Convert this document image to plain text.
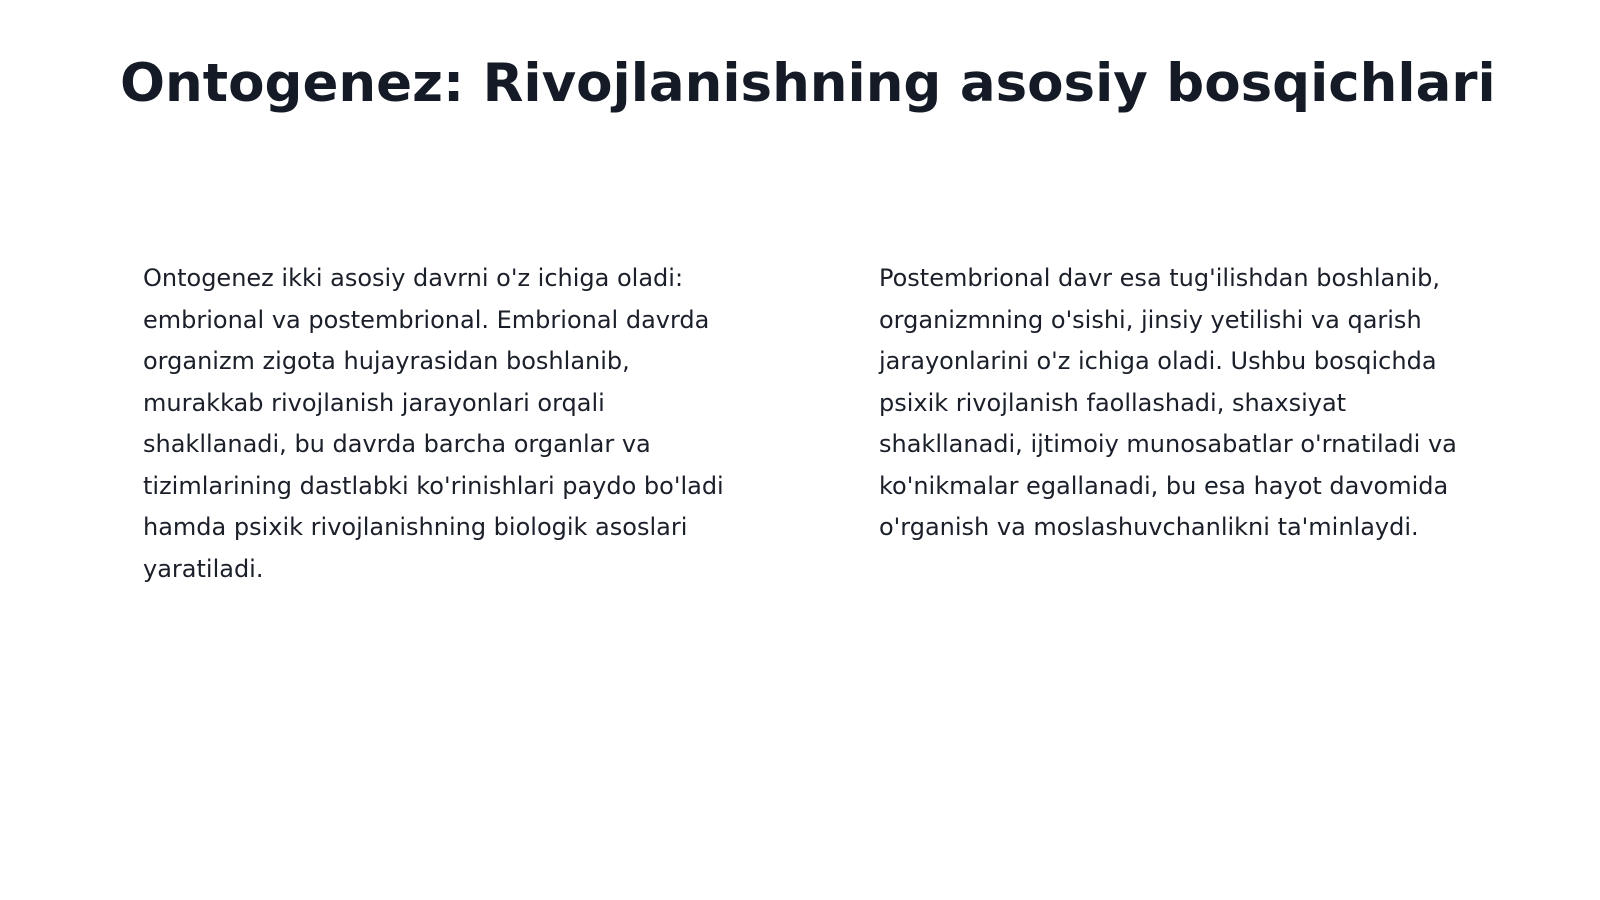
Ontogenez: Rivojlanishning asosiy bosqichlari

Ontogenez ikki asosiy davrni o'z ichiga oladi: embrional va postembrional. Embrional davrda organizm zigota hujayrasidan boshlanib, murakkab rivojlanish jarayonlari orqali shakllanadi, bu davrda barcha organlar va tizimlarining dastlabki ko'rinishlari paydo bo'ladi hamda psixik rivojlanishning biologik asoslari yaratiladi.

Postembrional davr esa tug'ilishdan boshlanib, organizmning o'sishi, jinsiy yetilishi va qarish jarayonlarini o'z ichiga oladi. Ushbu bosqichda psixik rivojlanish faollashadi, shaxsiyat shakllanadi, ijtimoiy munosabatlar o'rnatiladi va ko'nikmalar egallanadi, bu esa hayot davomida o'rganish va moslashuvchanlikni ta'minlaydi.
